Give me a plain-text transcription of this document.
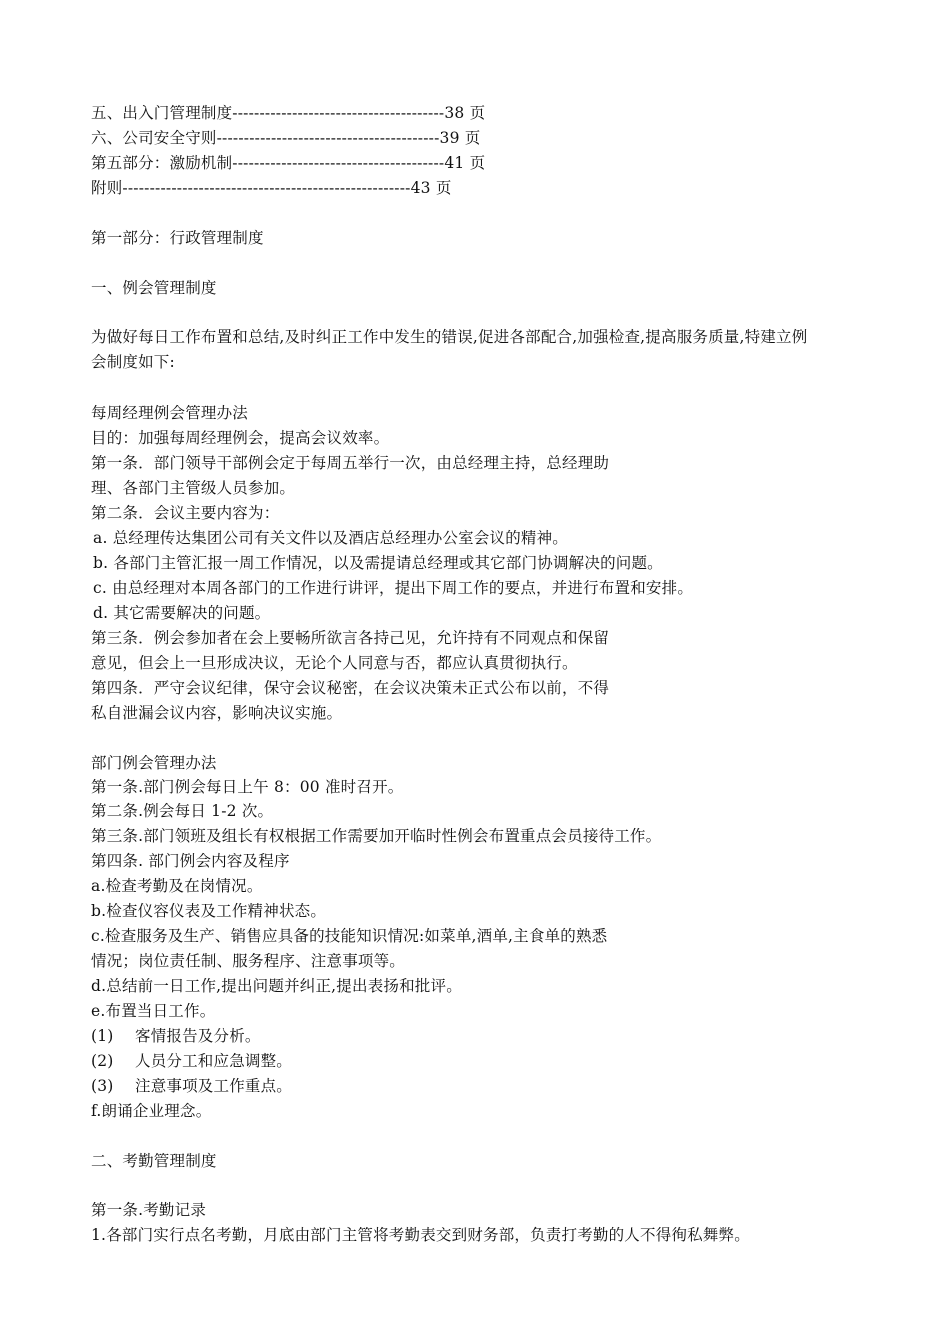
五、出入门管理制度---------------------------------------38 页
六、公司安全守则-----------------------------------------39 页
第五部分：激励机制---------------------------------------41 页
附则-----------------------------------------------------43 页
第一部分：行政管理制度
一、例会管理制度
为做好每日工作布置和总结,及时纠正工作中发生的错误,促进各部配合,加强检查,提高服务质量,特建立例
会制度如下:
每周经理例会管理办法
目的：加强每周经理例会，提高会议效率。
第一条．部门领导干部例会定于每周五举行一次，由总经理主持，总经理助
理、各部门主管级人员参加。
第二条．会议主要内容为：
a. 总经理传达集团公司有关文件以及酒店总经理办公室会议的精神。
b. 各部门主管汇报一周工作情况，以及需提请总经理或其它部门协调解决的问题。
c. 由总经理对本周各部门的工作进行讲评，提出下周工作的要点，并进行布置和安排。
d. 其它需要解决的问题。
第三条．例会参加者在会上要畅所欲言各持己见，允许持有不同观点和保留
意见，但会上一旦形成决议，无论个人同意与否，都应认真贯彻执行。
第四条．严守会议纪律，保守会议秘密，在会议决策未正式公布以前，不得
私自泄漏会议内容，影响决议实施。
部门例会管理办法
第一条.部门例会每日上午 8：00 准时召开。
第二条.例会每日 1-2 次。
第三条.部门领班及组长有权根据工作需要加开临时性例会布置重点会员接待工作。
第四条. 部门例会内容及程序
a.检查考勤及在岗情况。
b.检查仪容仪表及工作精神状态。
c.检查服务及生产、销售应具备的技能知识情况:如菜单,酒单,主食单的熟悉
情况；岗位责任制、服务程序、注意事项等。
d.总结前一日工作,提出问题并纠正,提出表扬和批评。
e.布置当日工作。
(1) 客情报告及分析。
(2) 人员分工和应急调整。
(3) 注意事项及工作重点。
f.朗诵企业理念。
二、考勤管理制度
第一条.考勤记录
1.各部门实行点名考勤，月底由部门主管将考勤表交到财务部，负责打考勤的人不得徇私舞弊。
